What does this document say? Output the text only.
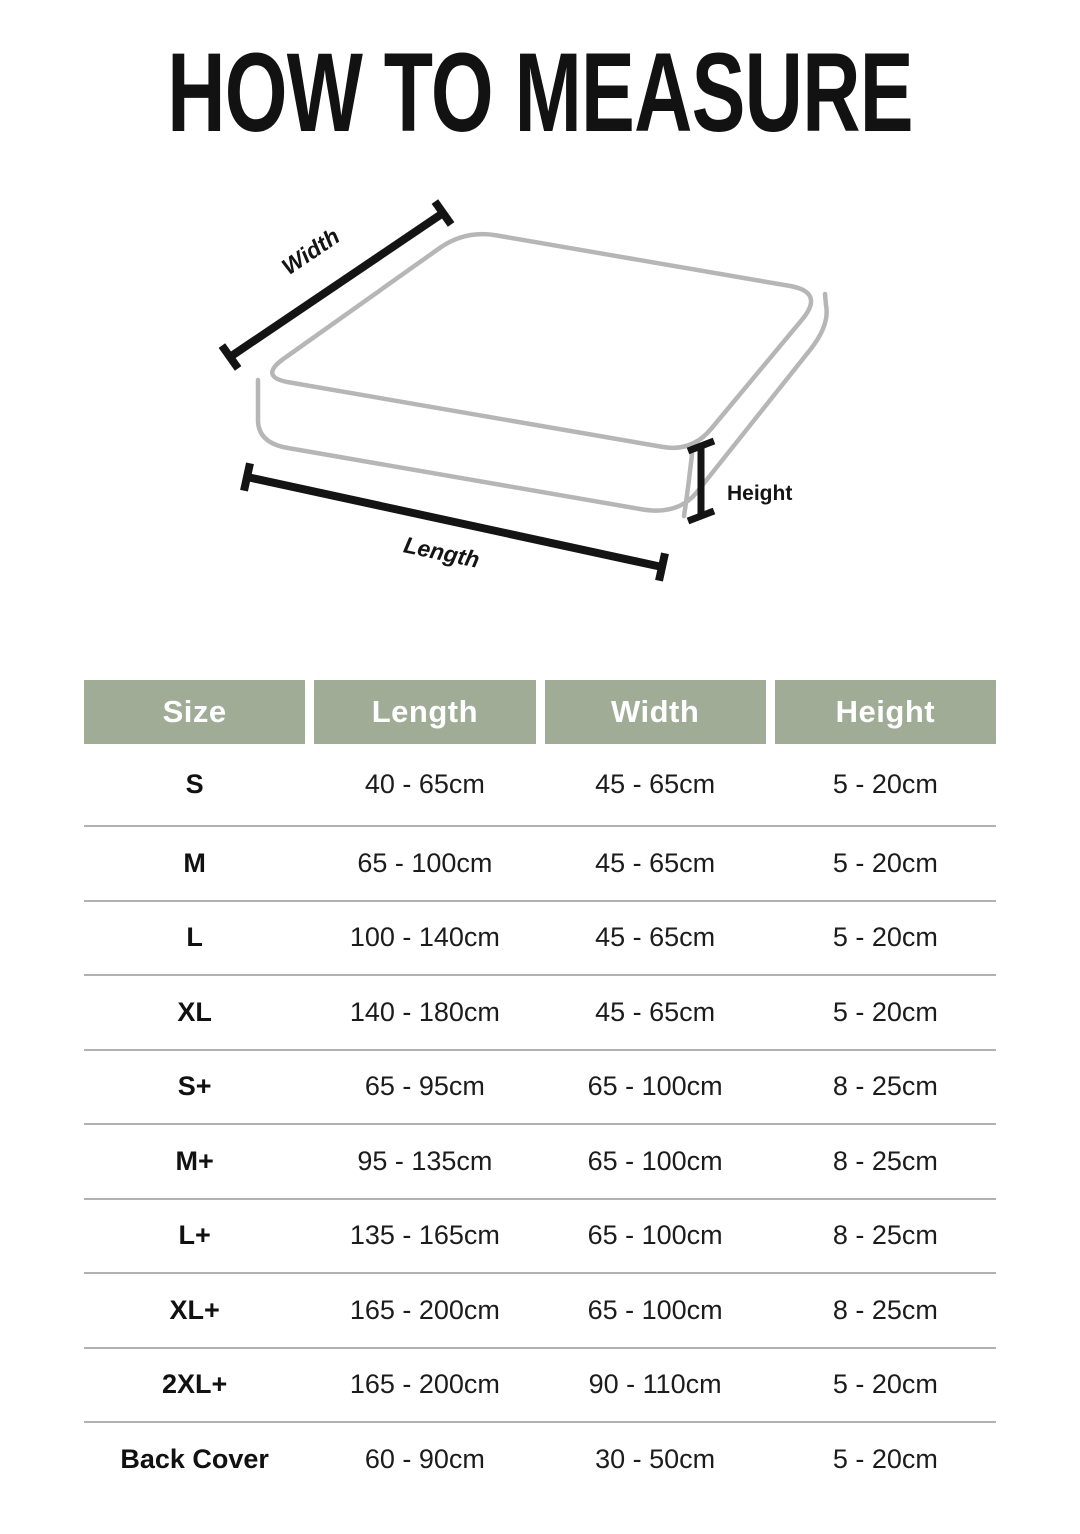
HOW TO MEASURE
Width
Length
Height
Size	Length	Width	Height
S	40 - 65cm	45 - 65cm	5 - 20cm
M	65 - 100cm	45 - 65cm	5 - 20cm
L	100 - 140cm	45 - 65cm	5 - 20cm
XL	140 - 180cm	45 - 65cm	5 - 20cm
S+	65 - 95cm	65 - 100cm	8 - 25cm
M+	95 - 135cm	65 - 100cm	8 - 25cm
L+	135 - 165cm	65 - 100cm	8 - 25cm
XL+	165 - 200cm	65 - 100cm	8 - 25cm
2XL+	165 - 200cm	90 - 110cm	5 - 20cm
Back Cover	60 - 90cm	30 - 50cm	5 - 20cm
